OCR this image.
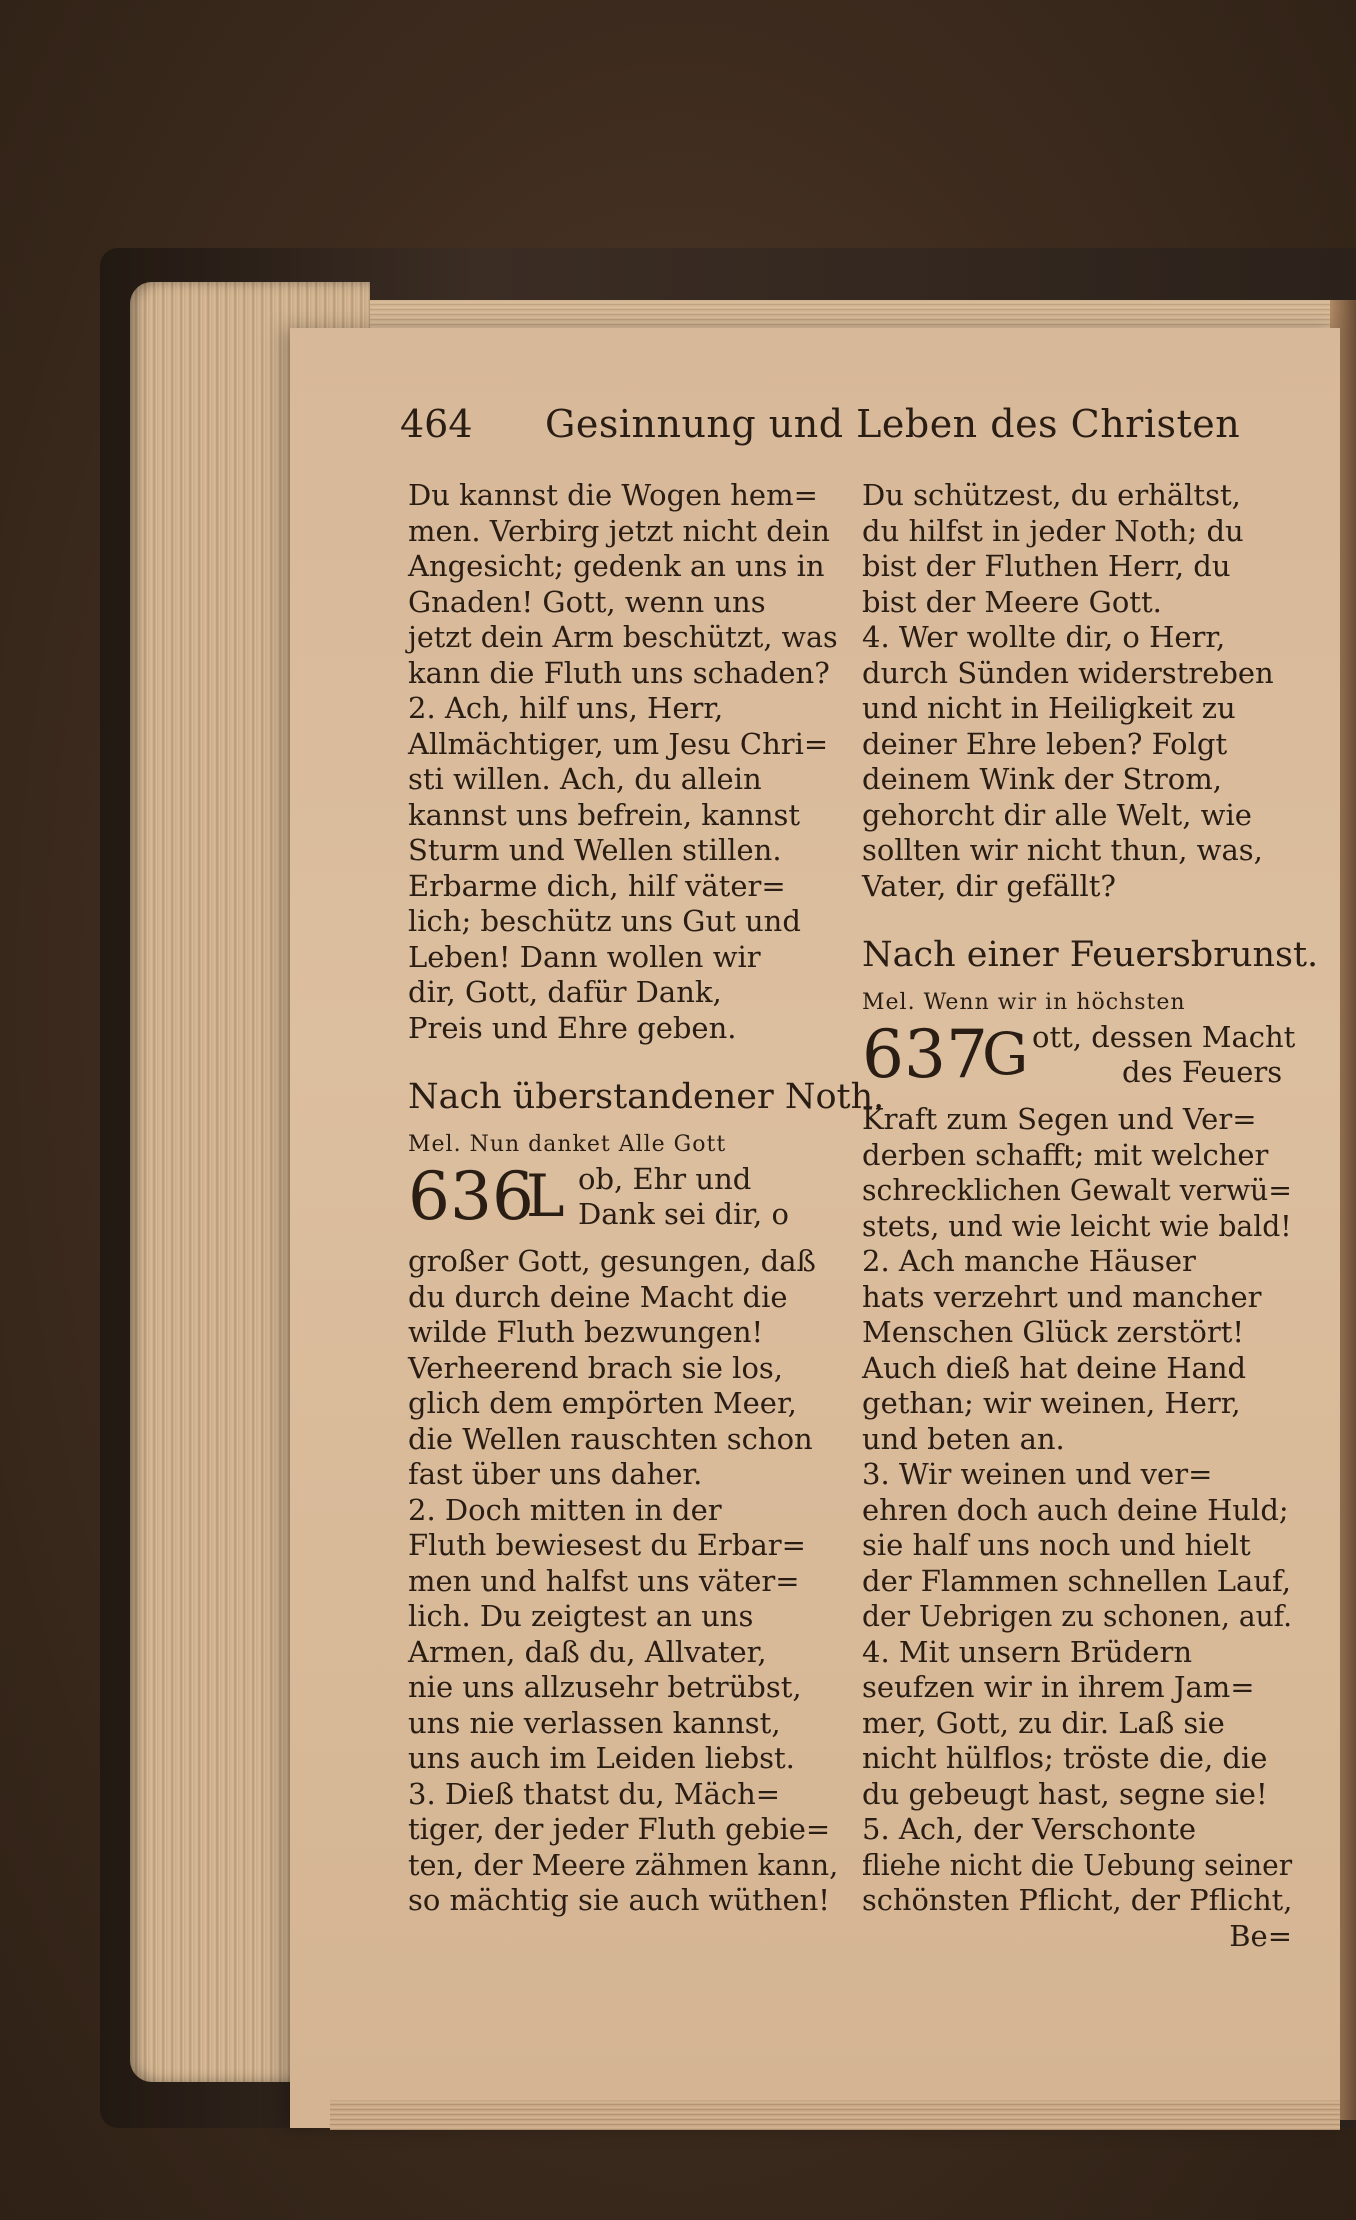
464 Gesinnung und Leben des Christen
Du kannst die Wogen hem=
men. Verbirg jetzt nicht dein
Angesicht; gedenk an uns in
Gnaden! Gott, wenn uns
jetzt dein Arm beschützt, was
kann die Fluth uns schaden?
2. Ach, hilf uns, Herr,
Allmächtiger, um Jesu Chri=
sti willen. Ach, du allein
kannst uns befrein, kannst
Sturm und Wellen stillen.
Erbarme dich, hilf väter=
lich; beschütz uns Gut und
Leben! Dann wollen wir
dir, Gott, dafür Dank,
Preis und Ehre geben.
Nach überstandener Noth.
Mel. Nun danket Alle Gott
636
L ob, Ehr und
Dank sei dir, o
großer Gott, gesungen, daß
du durch deine Macht die
wilde Fluth bezwungen!
Verheerend brach sie los,
glich dem empörten Meer,
die Wellen rauschten schon
fast über uns daher.
2. Doch mitten in der
Fluth bewiesest du Erbar=
men und halfst uns väter=
lich. Du zeigtest an uns
Armen, daß du, Allvater,
nie uns allzusehr betrübst,
uns nie verlassen kannst,
uns auch im Leiden liebst.
3. Dieß thatst du, Mäch=
tiger, der jeder Fluth gebie=
ten, der Meere zähmen kann,
so mächtig sie auch wüthen!
Du schützest, du erhältst,
du hilfst in jeder Noth; du
bist der Fluthen Herr, du
bist der Meere Gott.
4. Wer wollte dir, o Herr,
durch Sünden widerstreben
und nicht in Heiligkeit zu
deiner Ehre leben? Folgt
deinem Wink der Strom,
gehorcht dir alle Welt, wie
sollten wir nicht thun, was,
Vater, dir gefällt?
Nach einer Feuersbrunst.
Mel. Wenn wir in höchsten
637
G ott, dessen Macht
des Feuers
Kraft zum Segen und Ver=
derben schafft; mit welcher
schrecklichen Gewalt verwü=
stets, und wie leicht wie bald!
2. Ach manche Häuser
hats verzehrt und mancher
Menschen Glück zerstört!
Auch dieß hat deine Hand
gethan; wir weinen, Herr,
und beten an.
3. Wir weinen und ver=
ehren doch auch deine Huld;
sie half uns noch und hielt
der Flammen schnellen Lauf,
der Uebrigen zu schonen, auf.
4. Mit unsern Brüdern
seufzen wir in ihrem Jam=
mer, Gott, zu dir. Laß sie
nicht hülflos; tröste die, die
du gebeugt hast, segne sie!
5. Ach, der Verschonte
fliehe nicht die Uebung seiner
schönsten Pflicht, der Pflicht,
Be=
